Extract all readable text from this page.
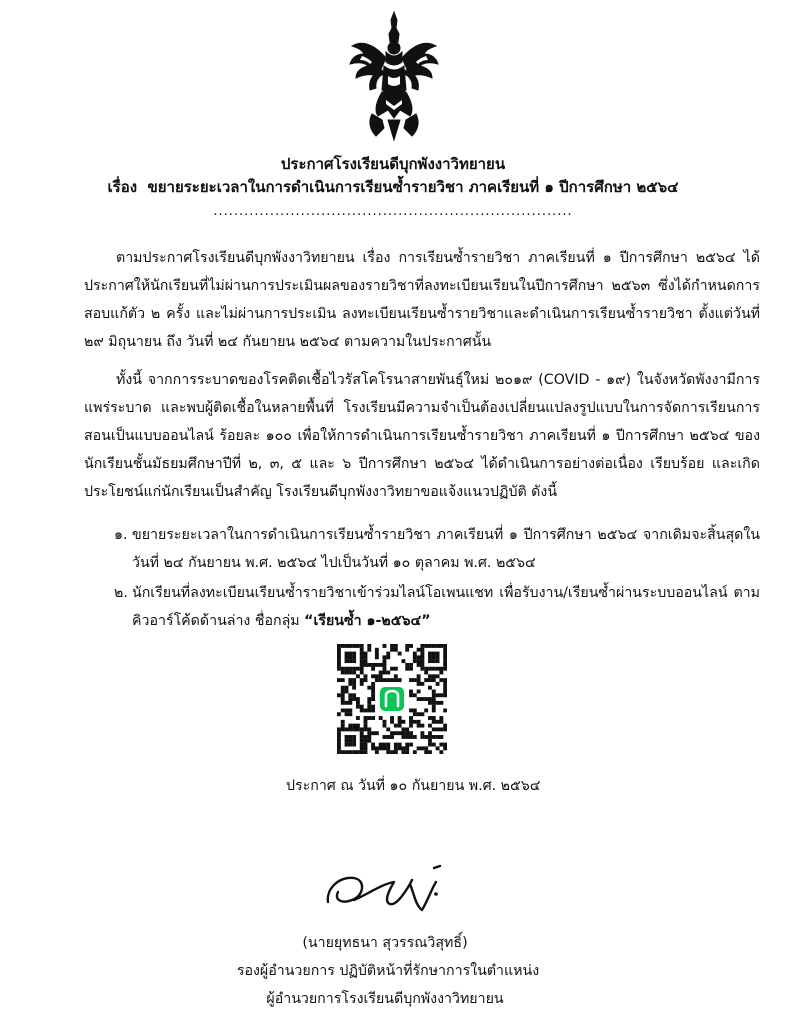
ประกาศโรงเรียนดีบุกพังงาวิทยายน
เรื่อง ขยายระยะเวลาในการดำเนินการเรียนซ้ำรายวิชา ภาคเรียนที่ ๑ ปีการศึกษา ๒๕๖๔
......................................................................

ตามประกาศโรงเรียนดีบุกพังงาวิทยายน เรื่อง การเรียนซ้ำรายวิชา ภาคเรียนที่ ๑ ปีการศึกษา ๒๕๖๔ ได้ประกาศให้นักเรียนที่ไม่ผ่านการประเมินผลของรายวิชาที่ลงทะเบียนเรียนในปีการศึกษา ๒๕๖๓ ซึ่งได้กำหนดการสอบแก้ตัว ๒ ครั้ง และไม่ผ่านการประเมิน ลงทะเบียนเรียนซ้ำรายวิชาและดำเนินการเรียนซ้ำรายวิชา ตั้งแต่วันที่ ๒๙ มิถุนายน ถึง วันที่ ๒๔ กันยายน ๒๕๖๔ ตามความในประกาศนั้น

ทั้งนี้ จากการระบาดของโรคติดเชื้อไวรัสโคโรนาสายพันธุ์ใหม่ ๒๐๑๙ (COVID - ๑๙) ในจังหวัดพังงามีการแพร่ระบาด และพบผู้ติดเชื้อในหลายพื้นที่ โรงเรียนมีความจำเป็นต้องเปลี่ยนแปลงรูปแบบในการจัดการเรียนการสอนเป็นแบบออนไลน์ ร้อยละ ๑๐๐ เพื่อให้การดำเนินการเรียนซ้ำรายวิชา ภาคเรียนที่ ๑ ปีการศึกษา ๒๕๖๔ ของนักเรียนชั้นมัธยมศึกษาปีที่ ๒, ๓, ๕ และ ๖ ปีการศึกษา ๒๕๖๔ ได้ดำเนินการอย่างต่อเนื่อง เรียบร้อย และเกิดประโยชน์แก่นักเรียนเป็นสำคัญ โรงเรียนดีบุกพังงาวิทยาขอแจ้งแนวปฏิบัติ ดังนี้

๑. ขยายระยะเวลาในการดำเนินการเรียนซ้ำรายวิชา ภาคเรียนที่ ๑ ปีการศึกษา ๒๕๖๔ จากเดิมจะสิ้นสุดในวันที่ ๒๔ กันยายน พ.ศ. ๒๕๖๔ ไปเป็นวันที่ ๑๐ ตุลาคม พ.ศ. ๒๕๖๔
๒. นักเรียนที่ลงทะเบียนเรียนซ้ำรายวิชาเข้าร่วมไลน์โอเพนแชท เพื่อรับงาน/เรียนซ้ำผ่านระบบออนไลน์ ตามคิวอาร์โค้ดด้านล่าง ชื่อกลุ่ม “เรียนซ้ำ ๑-๒๕๖๔”
ประกาศ ณ วันที่ ๑๐ กันยายน พ.ศ. ๒๕๖๔
(นายยุทธนา สุวรรณวิสุทธิ์)
รองผู้อำนวยการ ปฏิบัติหน้าที่รักษาการในตำแหน่ง
ผู้อำนวยการโรงเรียนดีบุกพังงาวิทยายน
